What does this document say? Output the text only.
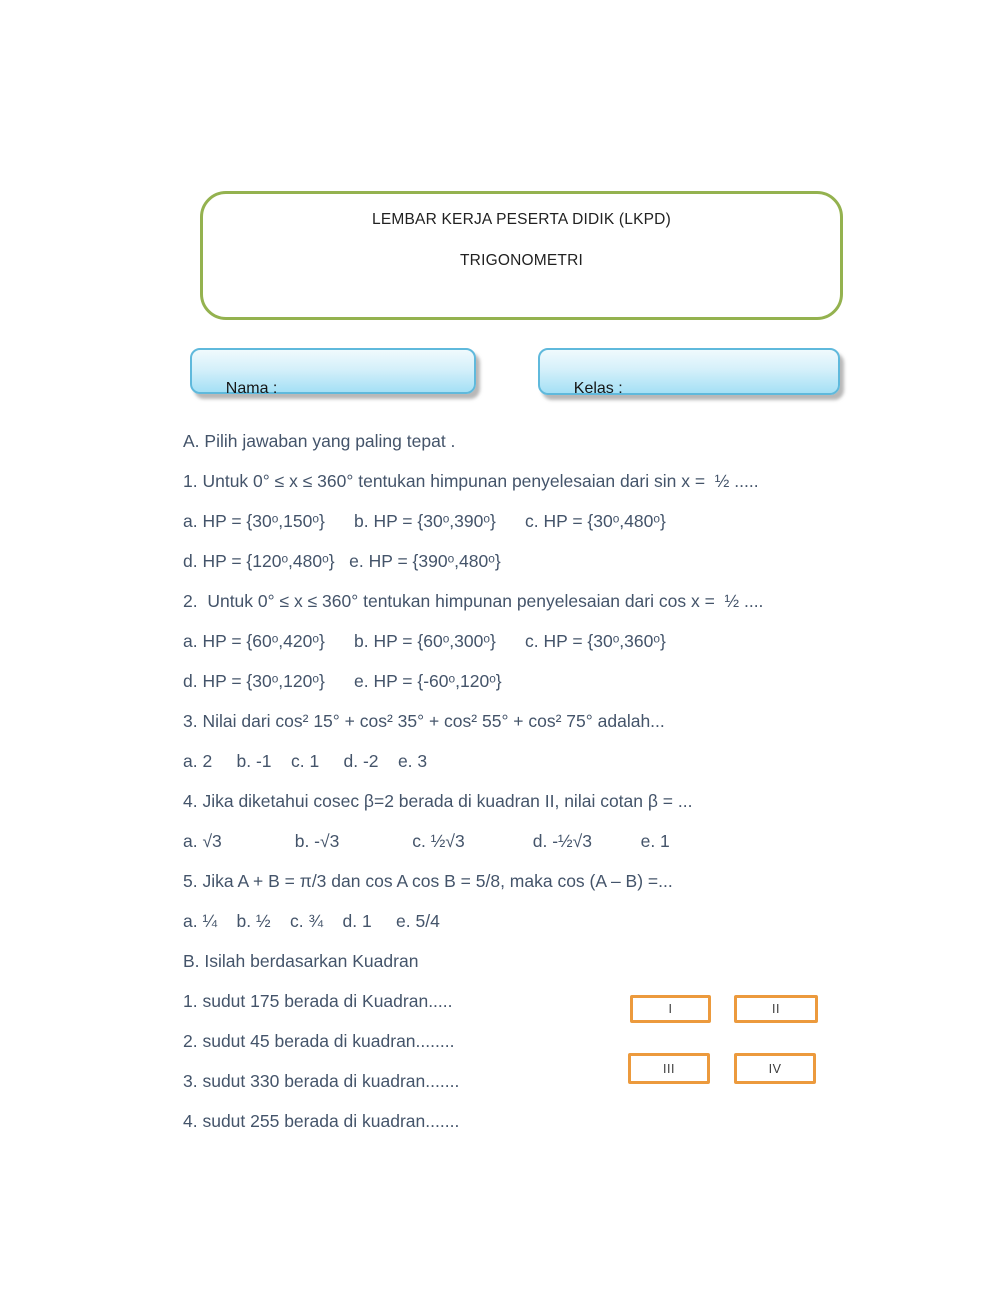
LEMBAR KERJA PESERTA DIDIK (LKPD)
TRIGONOMETRI

Nama :
	Kelas :

A. Pilih jawaban yang paling tepat .

1. Untuk 0° ≤ x ≤ 360° tentukan himpunan penyelesaian dari sin x =  ½ .....

a. HP = {30ᵒ,150ᵒ}      b. HP = {30ᵒ,390ᵒ}      c. HP = {30ᵒ,480ᵒ}

d. HP = {120ᵒ,480ᵒ}   e. HP = {390ᵒ,480ᵒ}

2.  Untuk 0° ≤ x ≤ 360° tentukan himpunan penyelesaian dari cos x =  ½ ....

a. HP = {60ᵒ,420ᵒ}      b. HP = {60ᵒ,300ᵒ}      c. HP = {30ᵒ,360ᵒ}

d. HP = {30ᵒ,120ᵒ}      e. HP = {-60ᵒ,120ᵒ}

3. Nilai dari cos² 15° + cos² 35° + cos² 55° + cos² 75° adalah...

a. 2     b. -1    c. 1     d. -2    e. 3

4. Jika diketahui cosec β=2 berada di kuadran II, nilai cotan β = ...

a. √3               b. -√3               c. ½√3              d. -½√3          e. 1

5. Jika A + B = π/3 dan cos A cos B = 5/8, maka cos (A – B) =...

a. ¼    b. ½    c. ¾    d. 1     e. 5/4

B. Isilah berdasarkan Kuadran

1. sudut 175 berada di Kuadran.....

2. sudut 45 berada di kuadran........

3. sudut 330 berada di kuadran.......

4. sudut 255 berada di kuadran.......

I	II
III	IV
